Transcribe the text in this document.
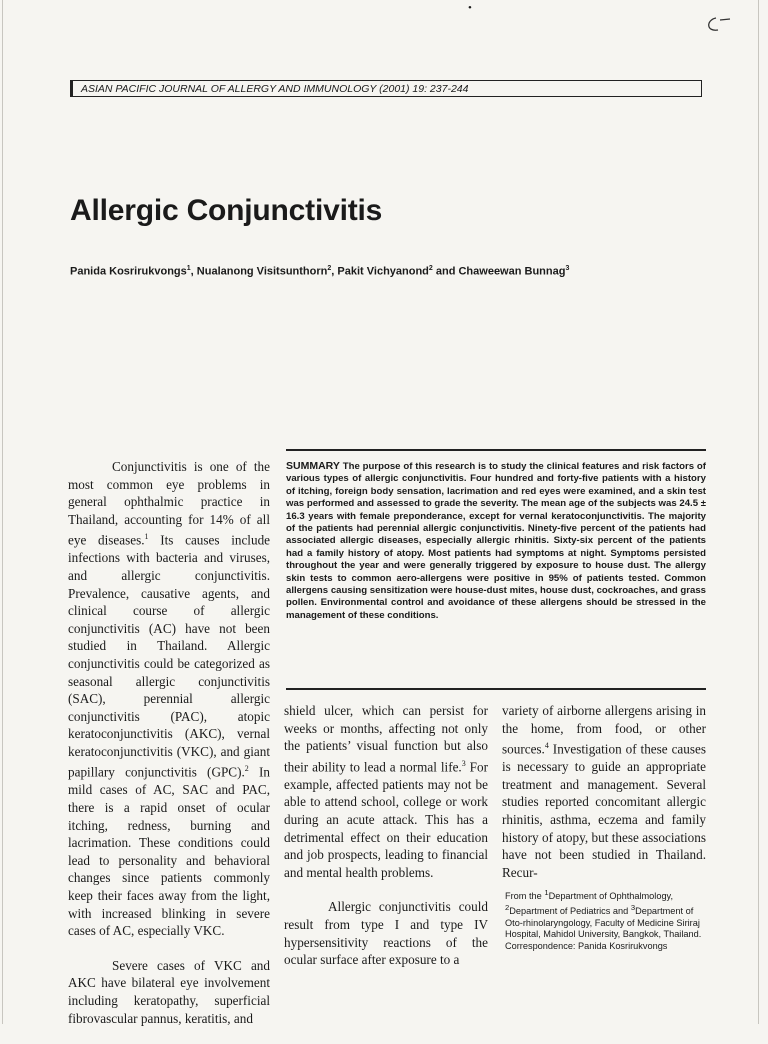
•
ASIAN PACIFIC JOURNAL OF ALLERGY AND IMMUNOLOGY (2001) 19: 237-244
Allergic Conjunctivitis
Panida Kosrirukvongs$^1$, Nualanong Visitsunthorn$^2$, Pakit Vichyanond$^2$ and Chaweewan Bunnag$^3$

Conjunctivitis is one of the most common eye problems in general ophthalmic practice in Thailand, accounting for 14% of all eye diseases.$^1$ Its causes include infections with bacteria and viruses, and allergic conjunctivitis. Prevalence, causative agents, and clinical course of allergic conjunctivitis (AC) have not been studied in Thailand. Allergic conjunctivitis could be categorized as seasonal allergic conjunctivitis (SAC), perennial allergic conjunctivitis (PAC), atopic keratoconjunctivitis (AKC), vernal keratoconjunctivitis (VKC), and giant papillary conjunctivitis (GPC).$^2$ In mild cases of AC, SAC and PAC, there is a rapid onset of ocular itching, redness, burning and lacrimation. These conditions could lead to personality and behavioral changes since patients commonly keep their faces away from the light, with increased blinking in severe cases of AC, especially VKC.

Severe cases of VKC and AKC have bilateral eye involvement including keratopathy, superficial fibrovascular pannus, keratitis, and

SUMMARY The purpose of this research is to study the clinical features and risk factors of various types of allergic conjunctivitis. Four hundred and forty-five patients with a history of itching, foreign body sensation, lacrimation and red eyes were examined, and a skin test was performed and assessed to grade the severity. The mean age of the subjects was 24.5 ± 16.3 years with female preponderance, except for vernal keratoconjunctivitis. The majority of the patients had perennial allergic conjunctivitis. Ninety-five percent of the patients had associated allergic diseases, especially allergic rhinitis. Sixty-six percent of the patients had a family history of atopy. Most patients had symptoms at night. Symptoms persisted throughout the year and were generally triggered by exposure to house dust. The allergy skin tests to common aero-allergens were positive in 95% of patients tested. Common allergens causing sensitization were house-dust mites, house dust, cockroaches, and grass pollen. Environmental control and avoidance of these allergens should be stressed in the management of these conditions.

shield ulcer, which can persist for weeks or months, affecting not only the patients’ visual function but also their ability to lead a normal life.$^3$ For example, affected patients may not be able to attend school, college or work during an acute attack. This has a detrimental effect on their education and job prospects, leading to financial and mental health problems.

Allergic conjunctivitis could result from type I and type IV hypersensitivity reactions of the ocular surface after exposure to a

variety of airborne allergens arising in the home, from food, or other sources.$^4$ Investigation of these causes is necessary to guide an appropriate treatment and management. Several studies reported concomitant allergic rhinitis, asthma, eczema and family history of atopy, but these associations have not been studied in Thailand. Recur-

From the $^1$Department of Ophthalmology,
$^2$Department of Pediatrics and $^3$Department of Oto-rhinolaryngology, Faculty of Medicine Siriraj Hospital, Mahidol University, Bangkok, Thailand.
Correspondence: Panida Kosrirukvongs
